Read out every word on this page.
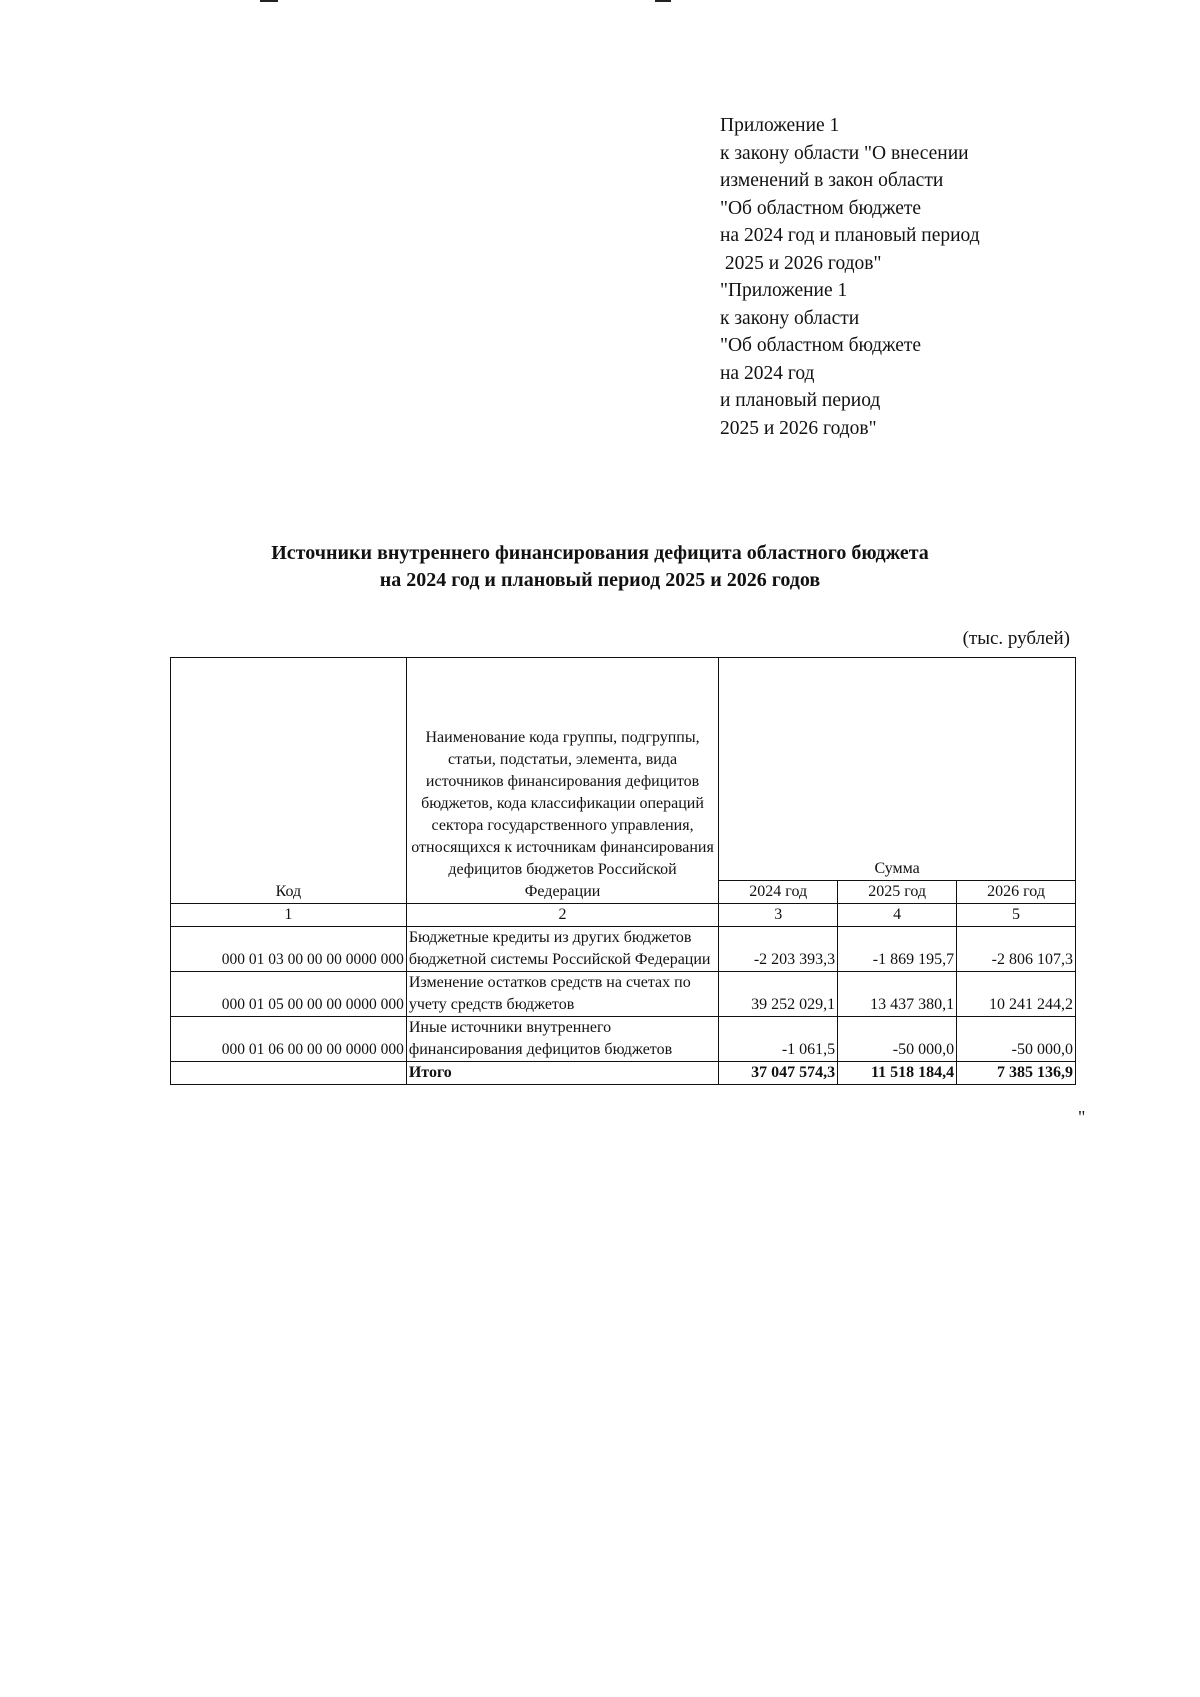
Приложение 1
к закону области "О внесении
изменений в закон области
"Об областном бюджете
на 2024 год и плановый период
2025 и 2026 годов"
"Приложение 1
к закону области
"Об областном бюджете
на 2024 год
и плановый период
2025 и 2026 годов"
Источники внутреннего финансирования дефицита областного бюджета
на 2024 год и плановый период 2025 и 2026 годов
(тыс. рублей)
Код	Наименование кода группы, подгруппы, статьи, подстатьи, элемента, вида источников финансирования дефицитов бюджетов, кода классификации операций сектора государственного управления, относящихся к источникам финансирования дефицитов бюджетов Российской Федерации	Сумма		
		2024 год	2025 год	2026 год
1	2	3	4	5
000 01 03 00 00 00 0000 000	Бюджетные кредиты из других бюджетов бюджетной системы Российской Федерации	-2 203 393,3	-1 869 195,7	-2 806 107,3
000 01 05 00 00 00 0000 000	Изменение остатков средств на счетах по учету средств бюджетов	39 252 029,1	13 437 380,1	10 241 244,2
000 01 06 00 00 00 0000 000	Иные источники внутреннего финансирования дефицитов бюджетов	-1 061,5	-50 000,0	-50 000,0
	Итого	37 047 574,3	11 518 184,4	7 385 136,9
"
